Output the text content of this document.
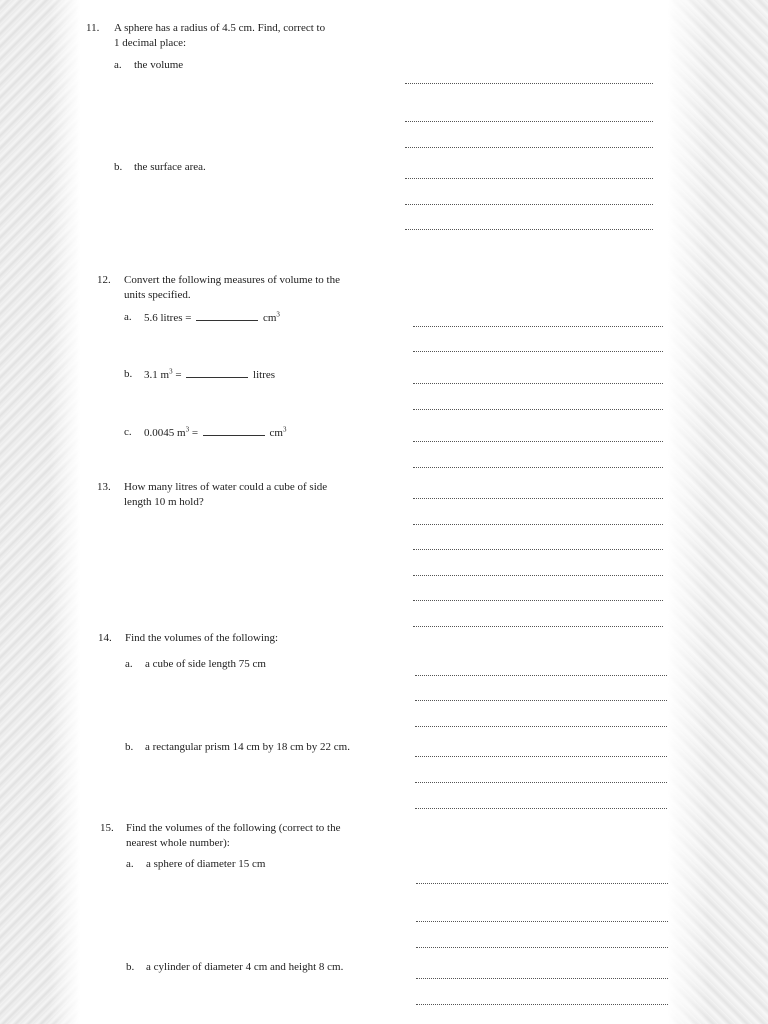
11. A sphere has a radius of 4.5 cm. Find, correct to
1 decimal place:
a. the volume
b. the surface area.
12. Convert the following measures of volume to the
units specified.
a. 5.6 litres =	$cm^3$
b. 3.1 $m^3$ =	litres
c. 0.0045 $m^3$ =	$cm^3$
13. How many litres of water could a cube of side
length 10 m hold?
14. Find the volumes of the following:
a. a cube of side length 75 cm
b. a rectangular prism 14 cm by 18 cm by 22 cm.
15. Find the volumes of the following (correct to the
nearest whole number):
a. a sphere of diameter 15 cm
b. a cylinder of diameter 4 cm and height 8 cm.
